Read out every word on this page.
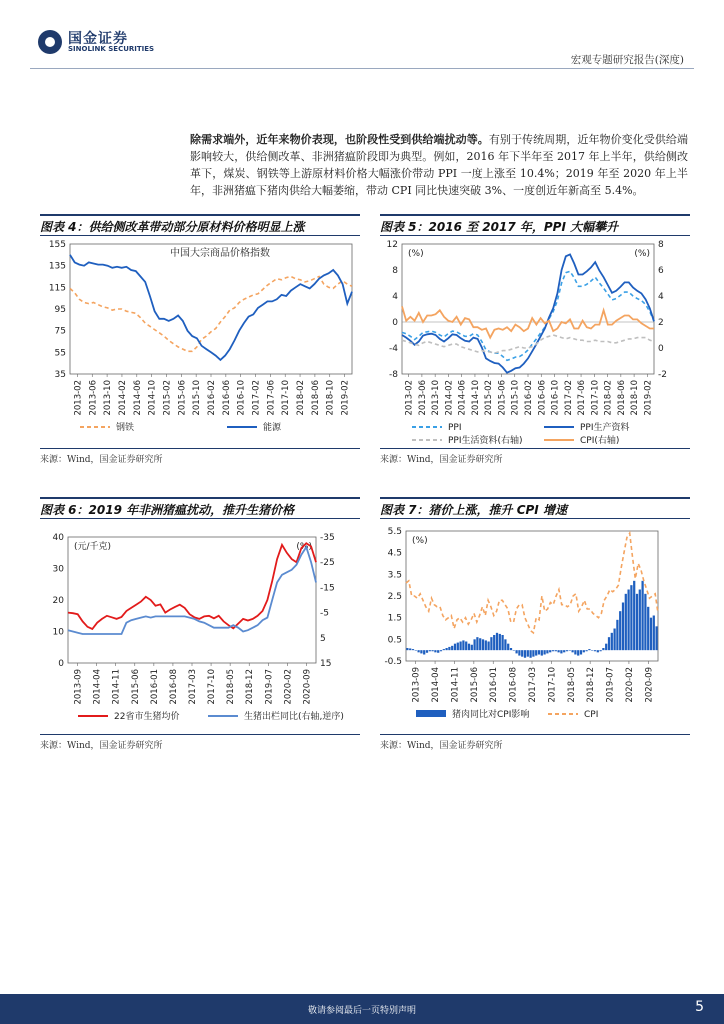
国金证券
SINOLINK SECURITIES
宏观专题研究报告(深度)
除需求端外，近年来物价表现，也阶段性受到供给端扰动等。有别于传统周期，近年物价变化受供给端影响较大，供给侧改革、非洲猪瘟阶段即为典型。例如，2016 年下半年至 2017 年上半年，供给侧改革下，煤炭、钢铁等上游原材料价格大幅涨价带动 PPI 一度上涨至 10.4%；2019 年至 2020 年上半年，非洲猪瘟下猪肉供给大幅萎缩，带动 CPI 同比快速突破 3%、一度创近年新高至 5.4%。
图表 4：供给侧改革带动部分原材料价格明显上涨
35
55
75
95
115
135
155
中国大宗商品价格指数
2013-02 2013-06 2013-10 2014-02 2014-06 2014-10 2015-02 2015-06 2015-10 2016-02 2016-06 2016-10 2017-02 2017-06 2017-10 2018-02 2018-06 2018-10 2019-02
钢铁	能源
来源：Wind，国金证券研究所
图表 5：2016 至 2017 年，PPI 大幅攀升
-8
-4
0
4
8
12
-2
0
2
4
6
8
(%)	(%)
2013-02 2013-06 2013-10 2014-02 2014-06 2014-10 2015-02 2015-06 2015-10 2016-02 2016-06 2016-10 2017-02 2017-06 2017-10 2018-02 2018-06 2018-10 2019-02
PPI	PPI生产资料
PPI生活资料(右轴)	CPI(右轴)
来源：Wind，国金证券研究所
图表 6：2019 年非洲猪瘟扰动，推升生猪价格
0
10
20
30
40
15
5
-5
-15
-25
-35
(元/千克)	(%)
2013-09 2014-04 2014-11 2015-06 2016-01 2016-08 2017-03 2017-10 2018-05 2018-12 2019-07 2020-02 2020-09
22省市生猪均价	生猪出栏同比(右轴,逆序)
来源：Wind，国金证券研究所
图表 7：猪价上涨，推升 CPI 增速
-0.5
0.5
1.5
2.5
3.5
4.5
5.5
(%)
2013-09 2014-04 2014-11 2015-06 2016-01 2016-08 2017-03 2017-10 2018-05 2018-12 2019-07 2020-02 2020-09
猪肉同比对CPI影响	CPI
来源：Wind，国金证券研究所
敬请参阅最后一页特别声明	5
